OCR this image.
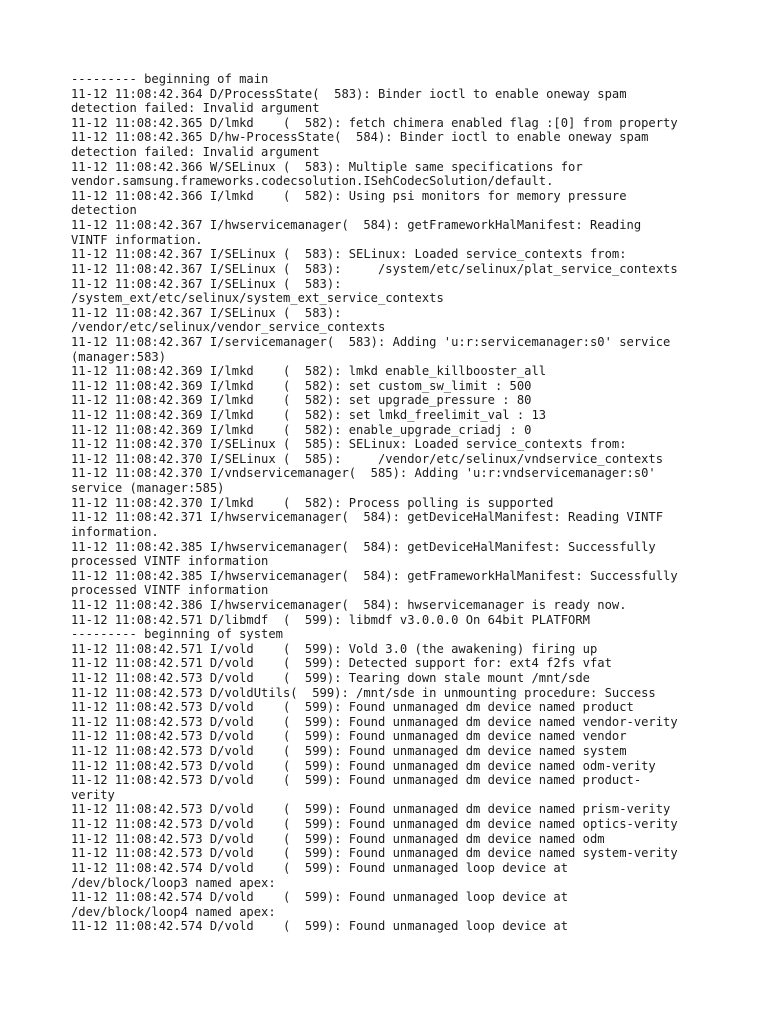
--------- beginning of main
11-12 11:08:42.364 D/ProcessState(  583): Binder ioctl to enable oneway spam
detection failed: Invalid argument
11-12 11:08:42.365 D/lmkd    (  582): fetch chimera enabled flag :[0] from property
11-12 11:08:42.365 D/hw-ProcessState(  584): Binder ioctl to enable oneway spam
detection failed: Invalid argument
11-12 11:08:42.366 W/SELinux (  583): Multiple same specifications for
vendor.samsung.frameworks.codecsolution.ISehCodecSolution/default.
11-12 11:08:42.366 I/lmkd    (  582): Using psi monitors for memory pressure
detection
11-12 11:08:42.367 I/hwservicemanager(  584): getFrameworkHalManifest: Reading
VINTF information.
11-12 11:08:42.367 I/SELinux (  583): SELinux: Loaded service_contexts from:
11-12 11:08:42.367 I/SELinux (  583):     /system/etc/selinux/plat_service_contexts
11-12 11:08:42.367 I/SELinux (  583):
/system_ext/etc/selinux/system_ext_service_contexts
11-12 11:08:42.367 I/SELinux (  583):
/vendor/etc/selinux/vendor_service_contexts
11-12 11:08:42.367 I/servicemanager(  583): Adding 'u:r:servicemanager:s0' service
(manager:583)
11-12 11:08:42.369 I/lmkd    (  582): lmkd enable_killbooster_all
11-12 11:08:42.369 I/lmkd    (  582): set custom_sw_limit : 500
11-12 11:08:42.369 I/lmkd    (  582): set upgrade_pressure : 80
11-12 11:08:42.369 I/lmkd    (  582): set lmkd_freelimit_val : 13
11-12 11:08:42.369 I/lmkd    (  582): enable_upgrade_criadj : 0
11-12 11:08:42.370 I/SELinux (  585): SELinux: Loaded service_contexts from:
11-12 11:08:42.370 I/SELinux (  585):     /vendor/etc/selinux/vndservice_contexts
11-12 11:08:42.370 I/vndservicemanager(  585): Adding 'u:r:vndservicemanager:s0'
service (manager:585)
11-12 11:08:42.370 I/lmkd    (  582): Process polling is supported
11-12 11:08:42.371 I/hwservicemanager(  584): getDeviceHalManifest: Reading VINTF
information.
11-12 11:08:42.385 I/hwservicemanager(  584): getDeviceHalManifest: Successfully
processed VINTF information
11-12 11:08:42.385 I/hwservicemanager(  584): getFrameworkHalManifest: Successfully
processed VINTF information
11-12 11:08:42.386 I/hwservicemanager(  584): hwservicemanager is ready now.
11-12 11:08:42.571 D/libmdf  (  599): libmdf v3.0.0.0 On 64bit PLATFORM
--------- beginning of system
11-12 11:08:42.571 I/vold    (  599): Vold 3.0 (the awakening) firing up
11-12 11:08:42.571 D/vold    (  599): Detected support for: ext4 f2fs vfat
11-12 11:08:42.573 D/vold    (  599): Tearing down stale mount /mnt/sde
11-12 11:08:42.573 D/voldUtils(  599): /mnt/sde in unmounting procedure: Success
11-12 11:08:42.573 D/vold    (  599): Found unmanaged dm device named product
11-12 11:08:42.573 D/vold    (  599): Found unmanaged dm device named vendor-verity
11-12 11:08:42.573 D/vold    (  599): Found unmanaged dm device named vendor
11-12 11:08:42.573 D/vold    (  599): Found unmanaged dm device named system
11-12 11:08:42.573 D/vold    (  599): Found unmanaged dm device named odm-verity
11-12 11:08:42.573 D/vold    (  599): Found unmanaged dm device named product-
verity
11-12 11:08:42.573 D/vold    (  599): Found unmanaged dm device named prism-verity
11-12 11:08:42.573 D/vold    (  599): Found unmanaged dm device named optics-verity
11-12 11:08:42.573 D/vold    (  599): Found unmanaged dm device named odm
11-12 11:08:42.573 D/vold    (  599): Found unmanaged dm device named system-verity
11-12 11:08:42.574 D/vold    (  599): Found unmanaged loop device at
/dev/block/loop3 named apex:
11-12 11:08:42.574 D/vold    (  599): Found unmanaged loop device at
/dev/block/loop4 named apex:
11-12 11:08:42.574 D/vold    (  599): Found unmanaged loop device at
